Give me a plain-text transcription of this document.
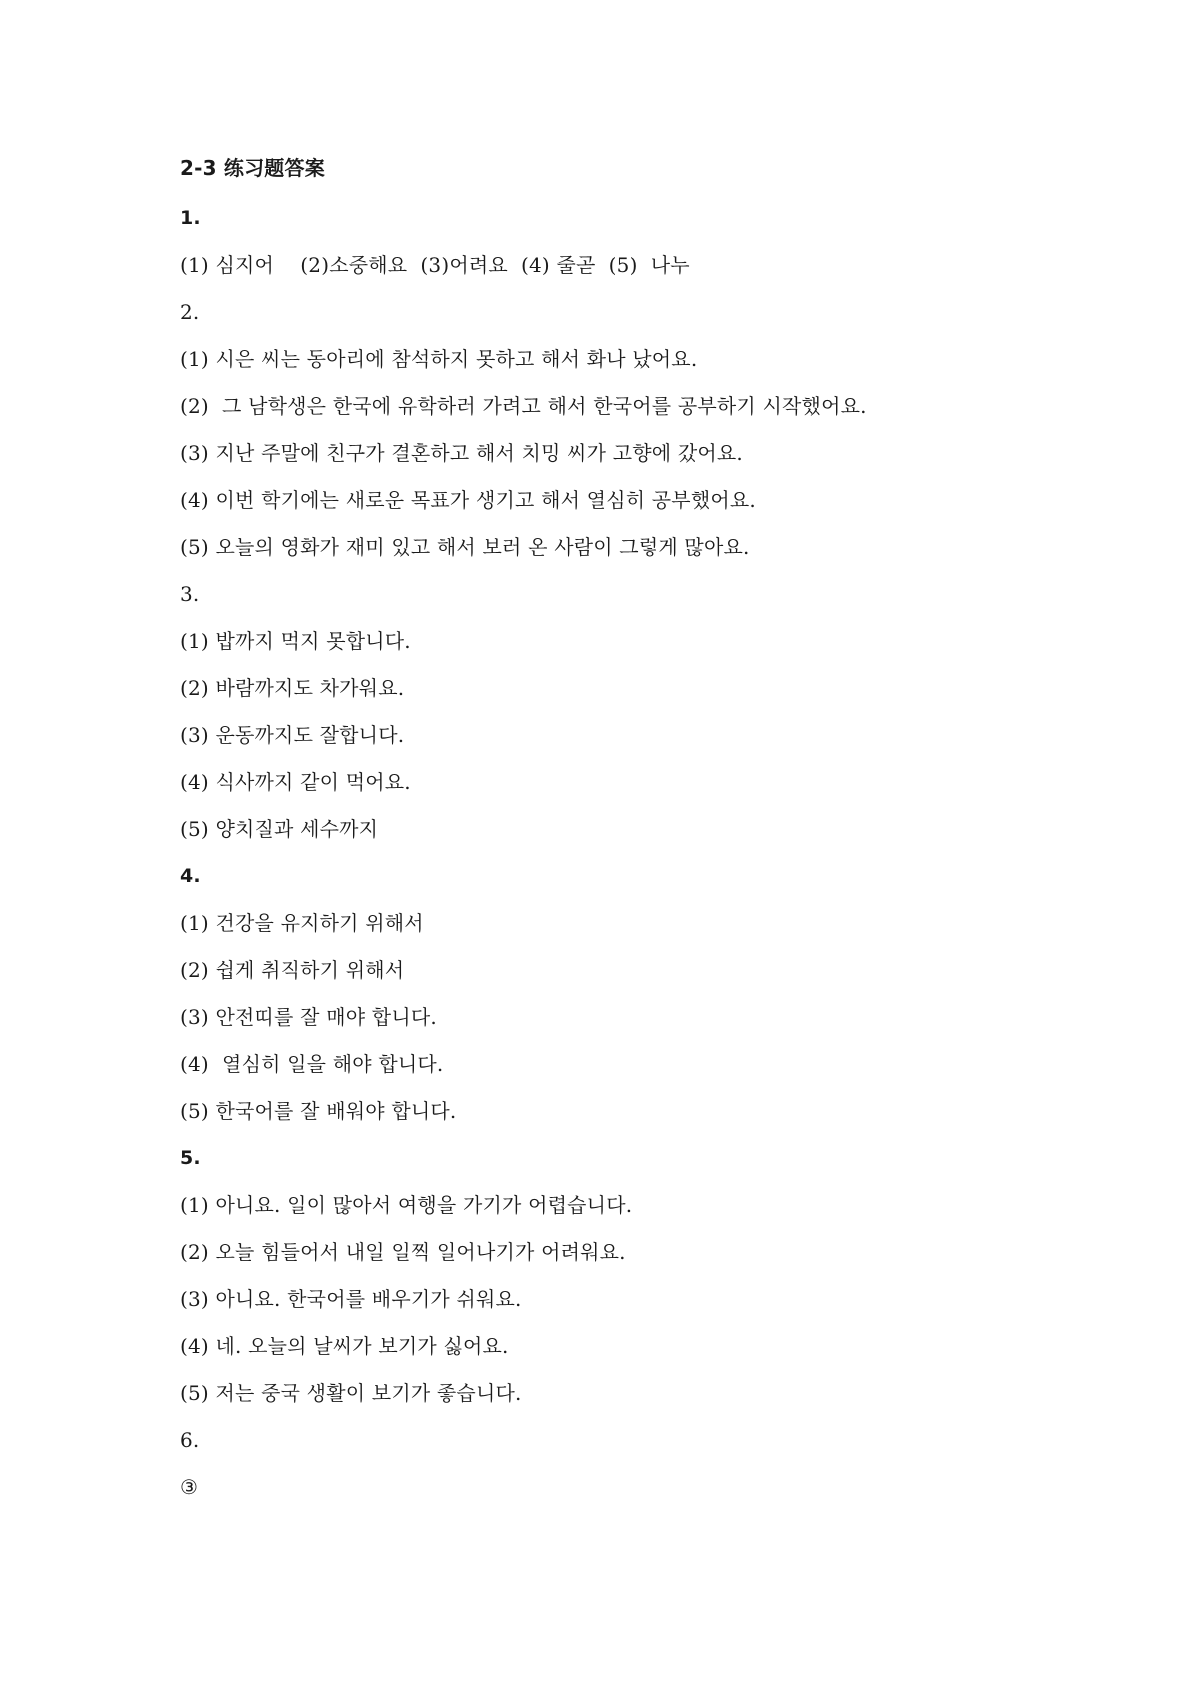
2-3 练习题答案
1.
(1) 심지어    (2)소중해요  (3)어려요  (4) 줄곧  (5)  나누
2.
(1) 시은 씨는 동아리에 참석하지 못하고 해서 화나 났어요.
(2)  그 남학생은 한국에 유학하러 가려고 해서 한국어를 공부하기 시작했어요.
(3) 지난 주말에 친구가 결혼하고 해서 치밍 씨가 고향에 갔어요.
(4) 이번 학기에는 새로운 목표가 생기고 해서 열심히 공부했어요.
(5) 오늘의 영화가 재미 있고 해서 보러 온 사람이 그렇게 많아요.
3.
(1) 밥까지 먹지 못합니다.
(2) 바람까지도 차가워요.
(3) 운동까지도 잘합니다.
(4) 식사까지 같이 먹어요.
(5) 양치질과 세수까지
4.
(1) 건강을 유지하기 위해서
(2) 쉽게 취직하기 위해서
(3) 안전띠를 잘 매야 합니다.
(4)  열심히 일을 해야 합니다.
(5) 한국어를 잘 배워야 합니다.
5.
(1) 아니요. 일이 많아서 여행을 가기가 어렵습니다.
(2) 오늘 힘들어서 내일 일찍 일어나기가 어려워요.
(3) 아니요. 한국어를 배우기가 쉬워요.
(4) 네. 오늘의 날씨가 보기가 싫어요.
(5) 저는 중국 생활이 보기가 좋습니다.
6.
③
